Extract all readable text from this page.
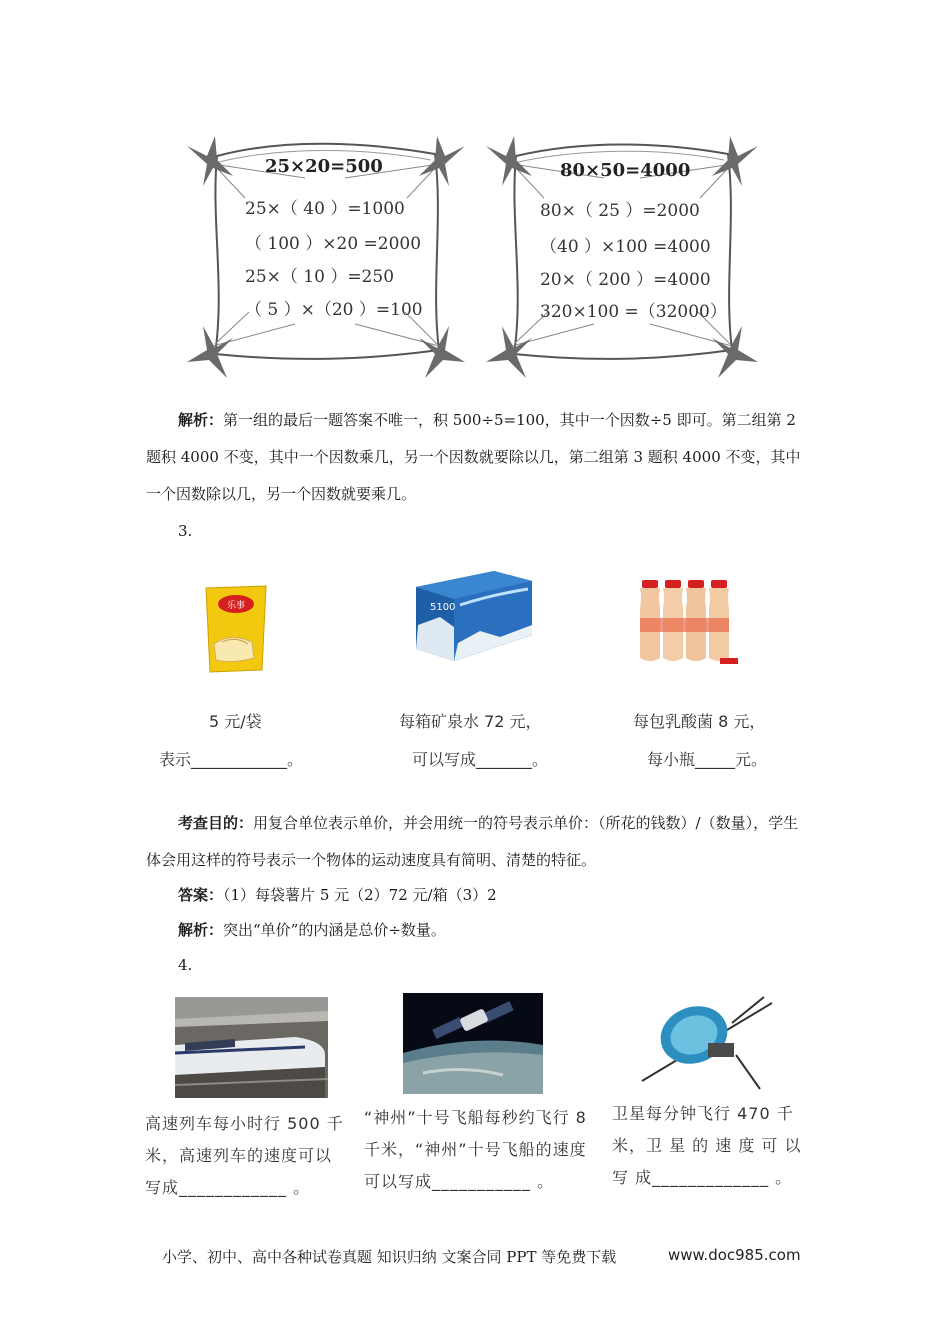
25×20=500
25×（ 40 ）=1000
（ 100 ）×20 =2000
25×（ 10 ）=250
（ 5 ）×（20 ）=100
80×50=4000
80×（ 25 ）=2000
（40 ）×100 =4000
20×（ 200 ）=4000
320×100 =（32000）
解析：第一组的最后一题答案不唯一，积 500÷5=100，其中一个因数÷5 即可。第二组第 2 题积 4000 不变，其中一个因数乘几，另一个因数就要除以几，第二组第 3 题积 4000 不变，其中一个因数除以几，另一个因数就要乘几。
3.
乐事	5100
5 元/袋
表示____________。
每箱矿泉水 72 元，
可以写成_______。
每包乳酸菌 8 元，
每小瓶_____元。
考查目的：用复合单位表示单价，并会用统一的符号表示单价：（所花的钱数）/（数量），学生体会用这样的符号表示一个物体的运动速度具有简明、清楚的特征。
答案：（1）每袋薯片 5 元（2）72 元/箱（3）2
解析：突出“单价”的内涵是总价÷数量。
4.
高速列车每小时行 500 千米，高速列车的速度可以写成____________ 。
“神州”十号飞船每秒约飞行 8 千米，“神州”十号飞船的速度可以写成___________ 。
卫星每分钟飞行 470 千米，卫 星 的 速 度 可 以 写 成_____________ 。
小学、初中、高中各种试卷真题 知识归纳 文案合同 PPT 等免费下载	www.doc985.com
